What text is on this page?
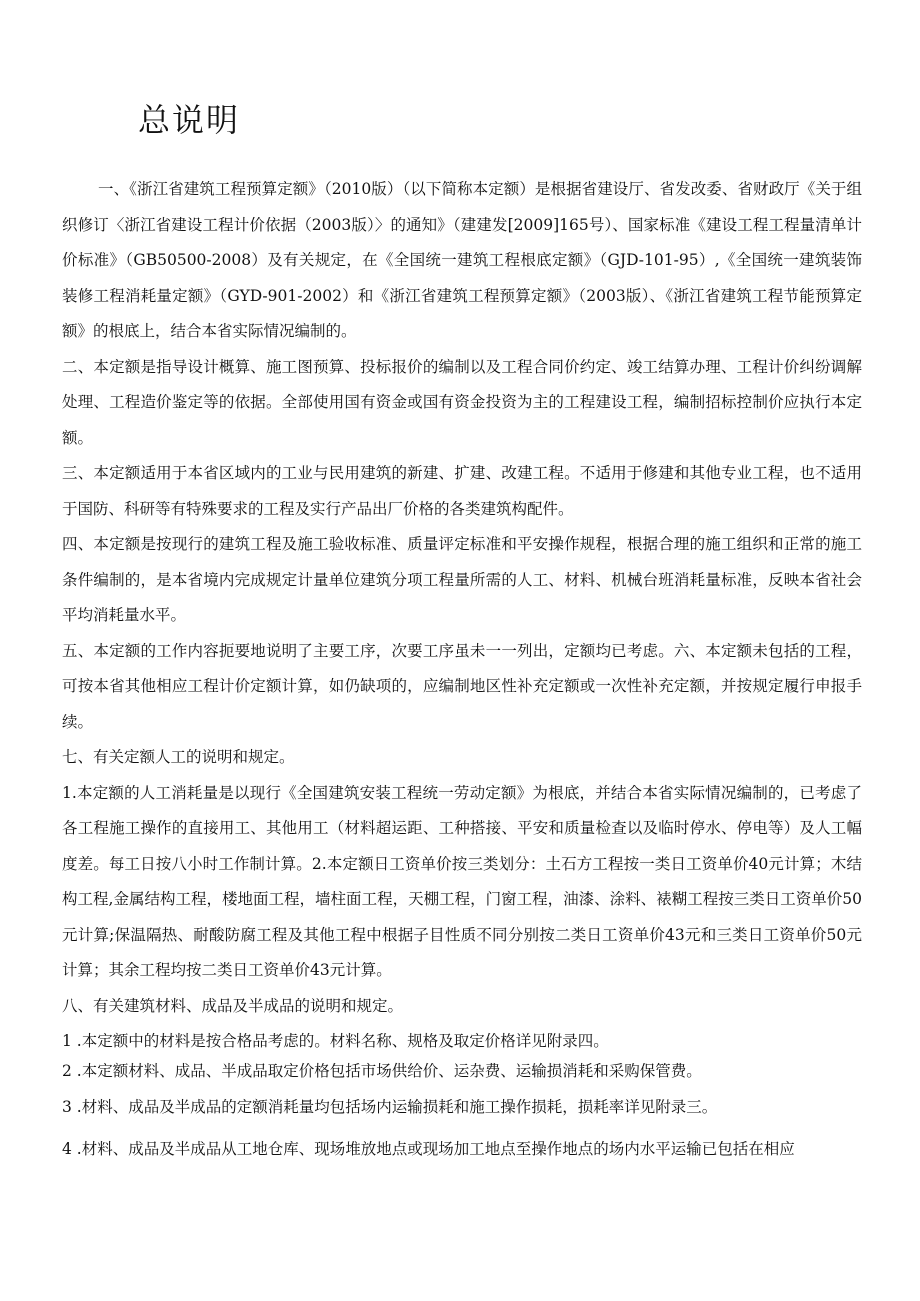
总说明

一、《浙江省建筑工程预算定额》（2010版）（以下简称本定额）是根据省建设厅、省发改委、省财政厅《关于组织修订〈浙江省建设工程计价依据（2003版）〉的通知》（建建发[2009]165号）、国家标准《建设工程工程量清单计价标准》（GB50500-2008）及有关规定，在《全国统一建筑工程根底定额》（GJD-101-95）,《全国统一建筑装饰装修工程消耗量定额》（GYD-901-2002）和《浙江省建筑工程预算定额》（2003版）、《浙江省建筑工程节能预算定额》的根底上，结合本省实际情况编制的。

二、本定额是指导设计概算、施工图预算、投标报价的编制以及工程合同价约定、竣工结算办理、工程计价纠纷调解处理、工程造价鉴定等的依据。全部使用国有资金或国有资金投资为主的工程建设工程，编制招标控制价应执行本定额。

三、本定额适用于本省区域内的工业与民用建筑的新建、扩建、改建工程。不适用于修建和其他专业工程，也不适用于国防、科研等有特殊要求的工程及实行产品出厂价格的各类建筑构配件。

四、本定额是按现行的建筑工程及施工验收标准、质量评定标准和平安操作规程，根据合理的施工组织和正常的施工条件编制的，是本省境内完成规定计量单位建筑分项工程量所需的人工、材料、机械台班消耗量标准，反映本省社会平均消耗量水平。

五、本定额的工作内容扼要地说明了主要工序，次要工序虽未一一列出，定额均已考虑。六、本定额未包括的工程，可按本省其他相应工程计价定额计算，如仍缺项的，应编制地区性补充定额或一次性补充定额，并按规定履行申报手续。

七、有关定额人工的说明和规定。

1.本定额的人工消耗量是以现行《全国建筑安装工程统一劳动定额》为根底，并结合本省实际情况编制的，已考虑了各工程施工操作的直接用工、其他用工（材料超运距、工种搭接、平安和质量检查以及临时停水、停电等）及人工幅度差。每工日按八小时工作制计算。2.本定额日工资单价按三类划分：土石方工程按一类日工资单价40元计算；木结构工程,金属结构工程，楼地面工程，墙柱面工程，天棚工程，门窗工程，油漆、涂料、裱糊工程按三类日工资单价50元计算;保温隔热、耐酸防腐工程及其他工程中根据子目性质不同分别按二类日工资单价43元和三类日工资单价50元计算；其余工程均按二类日工资单价43元计算。

八、有关建筑材料、成品及半成品的说明和规定。

1 .本定额中的材料是按合格品考虑的。材料名称、规格及取定价格详见附录四。

2 .本定额材料、成品、半成品取定价格包括市场供给价、运杂费、运输损消耗和采购保管费。

3 .材料、成品及半成品的定额消耗量均包括场内运输损耗和施工操作损耗，损耗率详见附录三。

4 .材料、成品及半成品从工地仓库、现场堆放地点或现场加工地点至操作地点的场内水平运输已包括在相应
